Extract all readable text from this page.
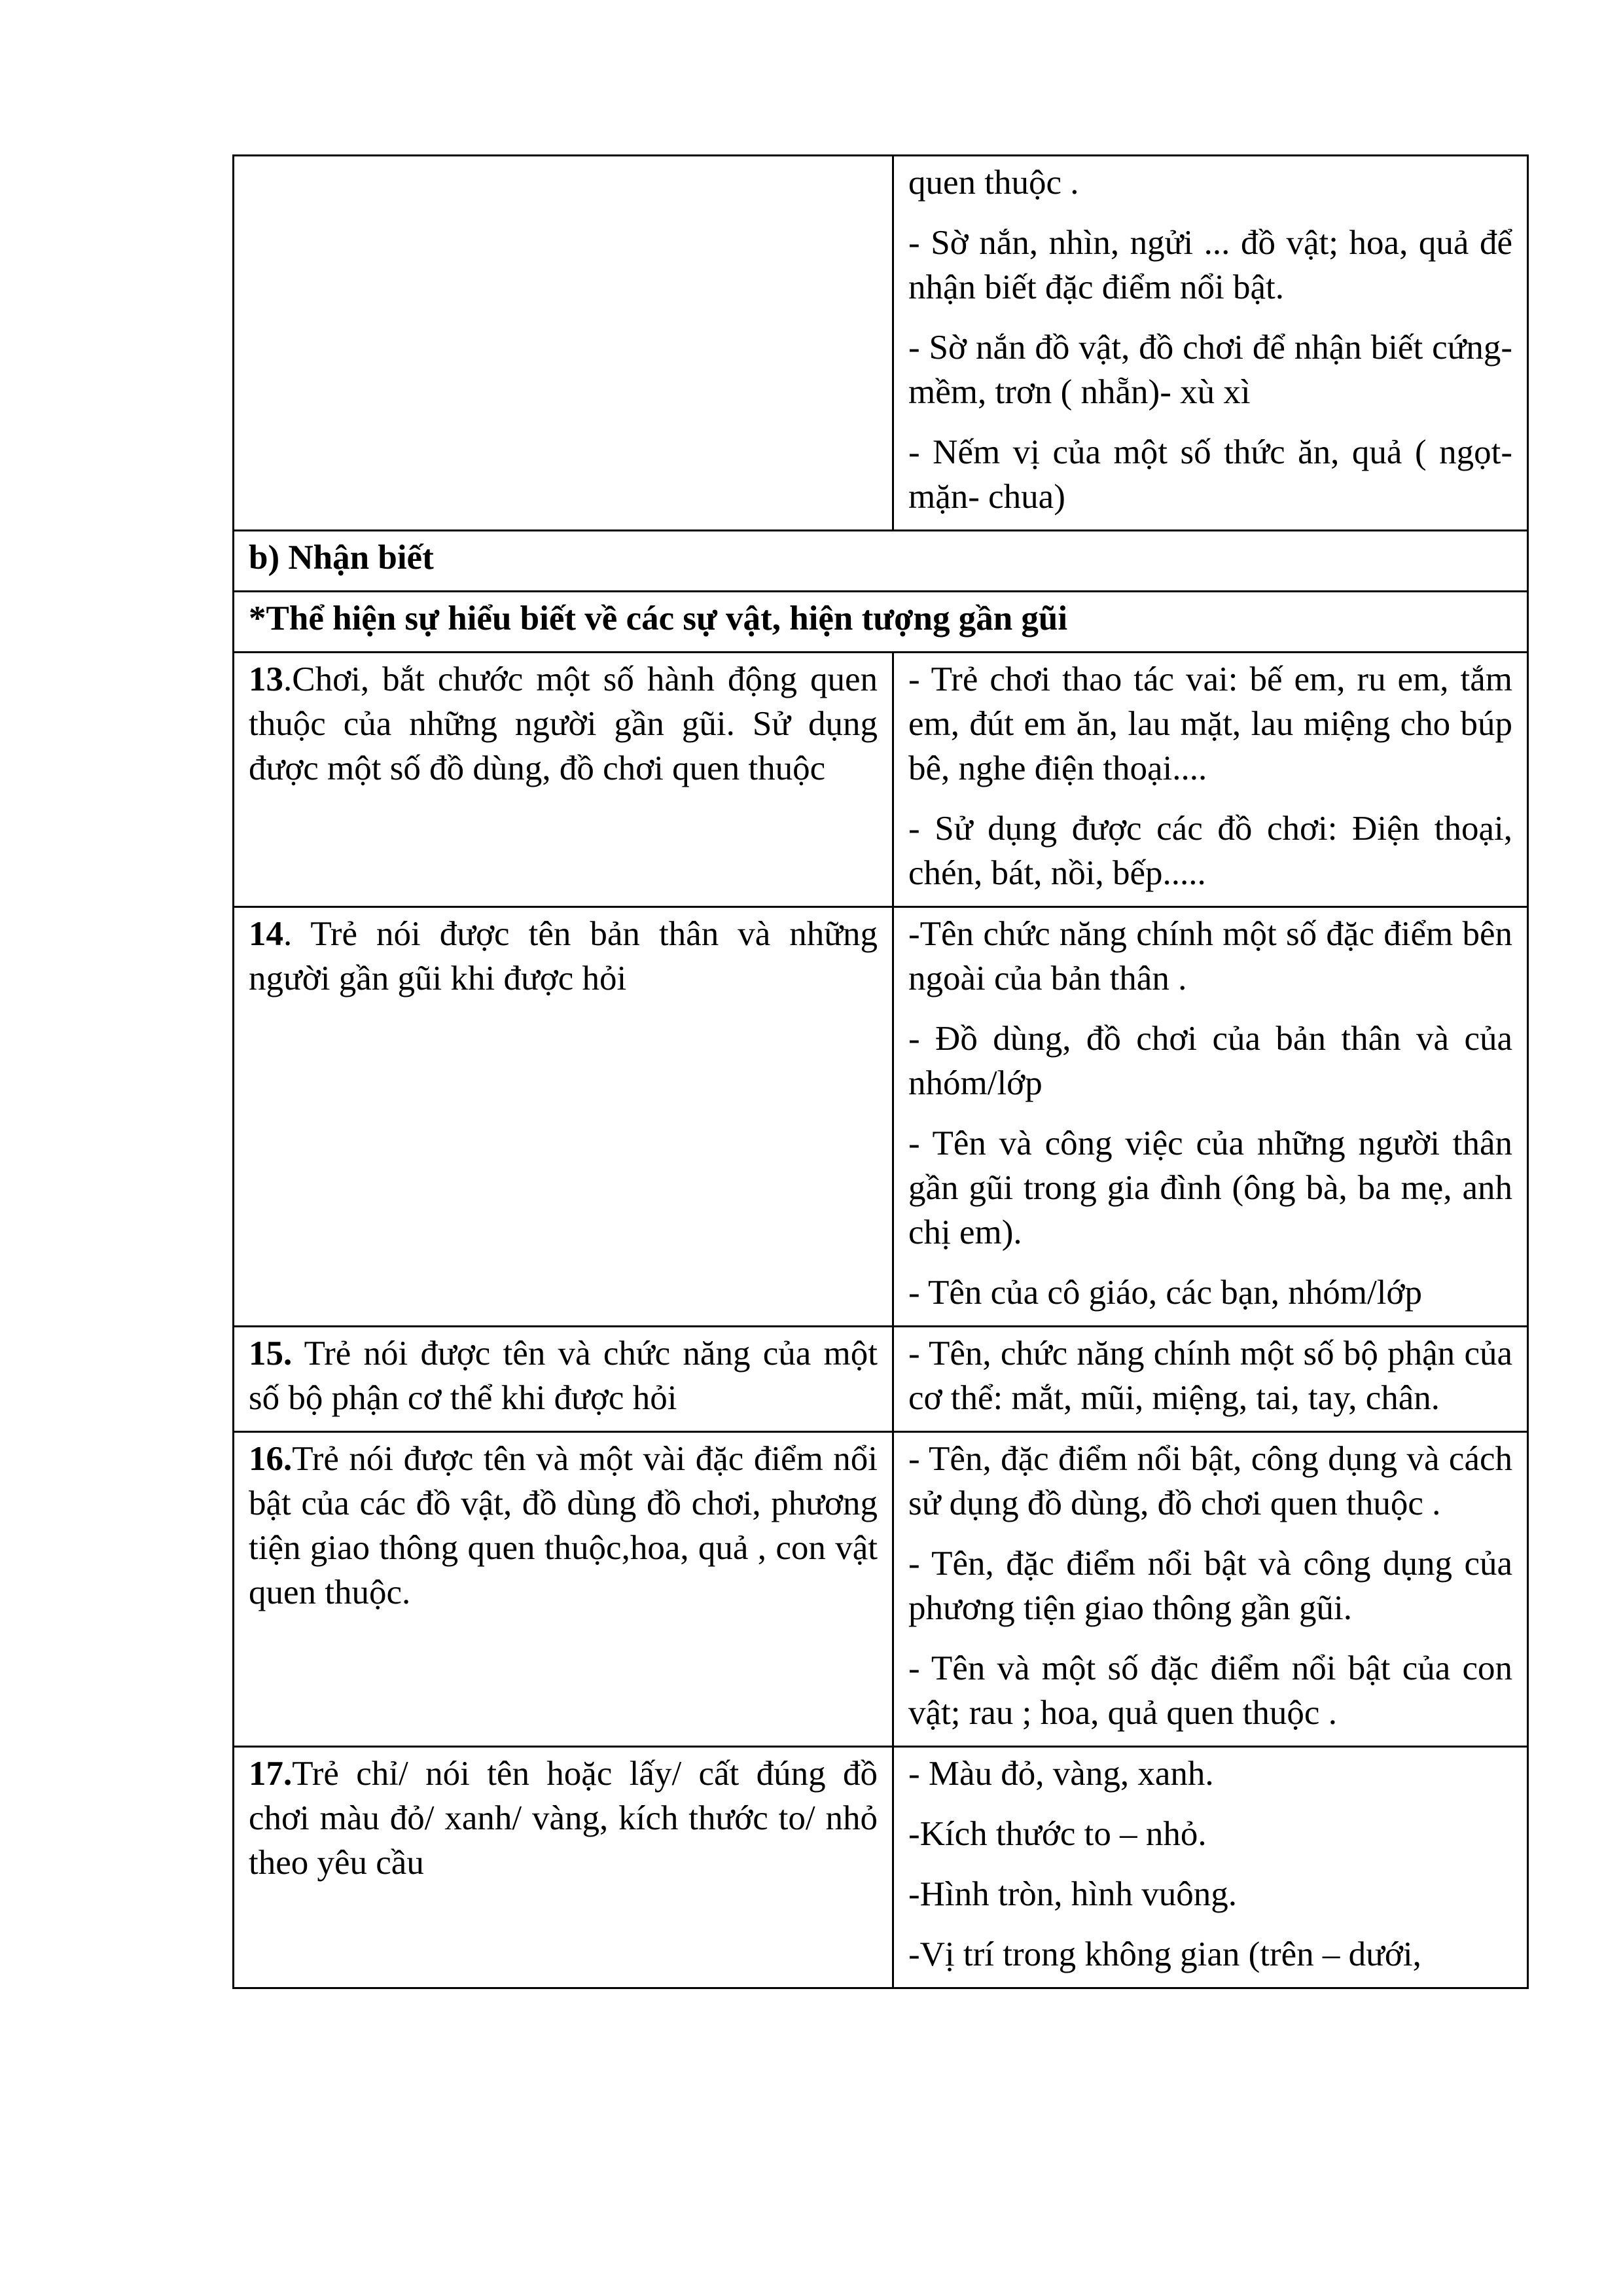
	quen thuộc .
- Sờ nắn, nhìn, ngửi ... đồ vật; hoa, quả để nhận biết đặc điểm nổi bật.
- Sờ nắn đồ vật, đồ chơi để nhận biết cứng- mềm, trơn ( nhẵn)- xù xì
- Nếm vị của một số thức ăn, quả ( ngọt- mặn- chua)

b) Nhận biết	
*Thể hiện sự hiểu biết về các sự vật, hiện tượng gần gũi	

13.Chơi, bắt chước một số hành động quen thuộc của những người gần gũi. Sử dụng được một số đồ dùng, đồ chơi quen thuộc	- Trẻ chơi thao tác vai: bế em, ru em, tắm em, đút em ăn, lau mặt, lau miệng cho búp bê, nghe điện thoại....
- Sử dụng được các đồ chơi: Điện thoại, chén, bát, nồi, bếp.....

14. Trẻ nói được tên bản thân và những người gần gũi khi được hỏi	-Tên chức năng chính một số đặc điểm bên ngoài của bản thân .
- Đồ dùng, đồ chơi của bản thân và của nhóm/lớp
- Tên và công việc của những người thân gần gũi trong gia đình (ông bà, ba mẹ, anh chị em).
- Tên của cô giáo, các bạn, nhóm/lớp

15. Trẻ nói được tên và chức năng của một số bộ phận cơ thể khi được hỏi	- Tên, chức năng chính một số bộ phận của cơ thể: mắt, mũi, miệng, tai, tay, chân.

16.Trẻ nói được tên và một vài đặc điểm nổi bật của các đồ vật, đồ dùng đồ chơi, phương tiện giao thông quen thuộc,hoa, quả , con vật quen thuộc.	- Tên, đặc điểm nổi bật, công dụng và cách sử dụng đồ dùng, đồ chơi quen thuộc .
- Tên, đặc điểm nổi bật và công dụng của phương tiện giao thông gần gũi.
- Tên và một số đặc điểm nổi bật của con vật; rau ; hoa, quả quen thuộc .

17.Trẻ chỉ/ nói tên hoặc lấy/ cất đúng đồ chơi màu đỏ/ xanh/ vàng, kích thước to/ nhỏ theo yêu cầu	- Màu đỏ, vàng, xanh.
-Kích thước to – nhỏ.
-Hình tròn, hình vuông.
-Vị trí trong không gian (trên – dưới,
